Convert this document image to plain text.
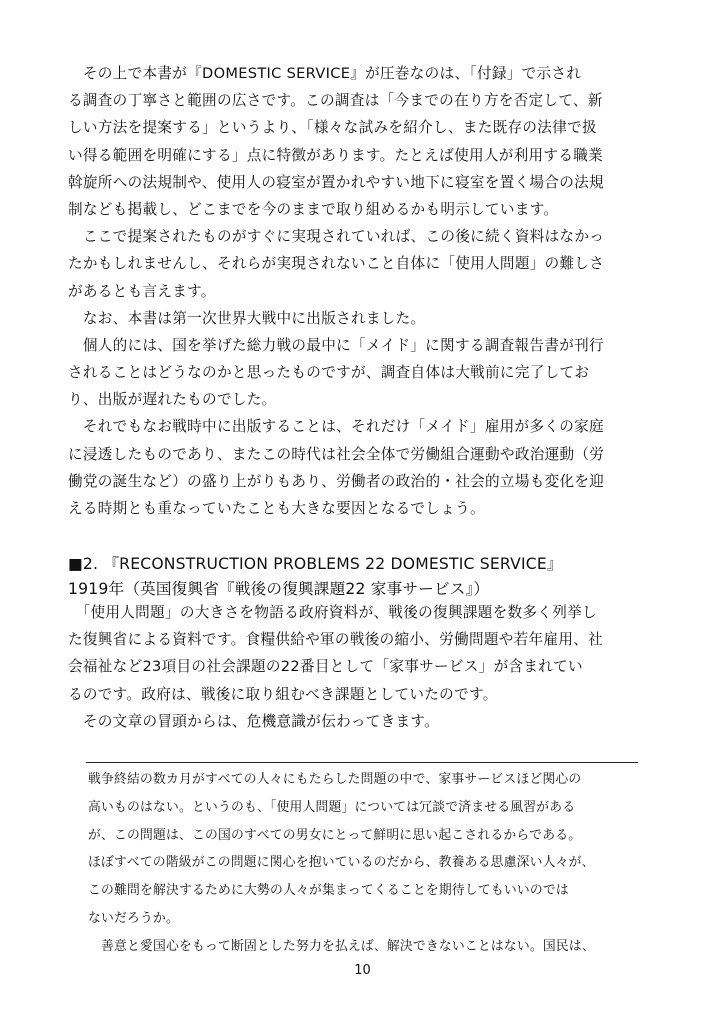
　その上で本書が『DOMESTIC SERVICE』が圧巻なのは、「付録」で示され
る調査の丁寧さと範囲の広さです。この調査は「今までの在り方を否定して、新
しい方法を提案する」というより、「様々な試みを紹介し、また既存の法律で扱
い得る範囲を明確にする」点に特徴があります。たとえば使用人が利用する職業
斡旋所への法規制や、使用人の寝室が置かれやすい地下に寝室を置く場合の法規
制なども掲載し、どこまでを今のままで取り組めるかも明示しています。
　ここで提案されたものがすぐに実現されていれば、この後に続く資料はなかっ
たかもしれませんし、それらが実現されないこと自体に「使用人問題」の難しさ
があるとも言えます。
　なお、本書は第一次世界大戦中に出版されました。
　個人的には、国を挙げた総力戦の最中に「メイド」に関する調査報告書が刊行
されることはどうなのかと思ったものですが、調査自体は大戦前に完了してお
り、出版が遅れたものでした。
　それでもなお戦時中に出版することは、それだけ「メイド」雇用が多くの家庭
に浸透したものであり、またこの時代は社会全体で労働組合運動や政治運動（労
働党の誕生など）の盛り上がりもあり、労働者の政治的・社会的立場も変化を迎
える時期とも重なっていたことも大きな要因となるでしょう。
■2. 『RECONSTRUCTION PROBLEMS 22 DOMESTIC SERVICE』
1919年（英国復興省『戦後の復興課題22 家事サービス』）
　「使用人問題」の大きさを物語る政府資料が、戦後の復興課題を数多く列挙し
た復興省による資料です。食糧供給や軍の戦後の縮小、労働問題や若年雇用、社
会福祉など23項目の社会課題の22番目として「家事サービス」が含まれてい
るのです。政府は、戦後に取り組むべき課題としていたのです。
　その文章の冒頭からは、危機意識が伝わってきます。
戦争終結の数カ月がすべての人々にもたらした問題の中で、家事サービスほど関心の
高いものはない。というのも、「使用人問題」については冗談で済ませる風習がある
が、この問題は、この国のすべての男女にとって鮮明に思い起こされるからである。
ほぼすべての階級がこの問題に関心を抱いているのだから、教養ある思慮深い人々が、
この難問を解決するために大勢の人々が集まってくることを期待してもいいのでは
ないだろうか。
　善意と愛国心をもって断固とした努力を払えば、解決できないことはない。国民は、
10
